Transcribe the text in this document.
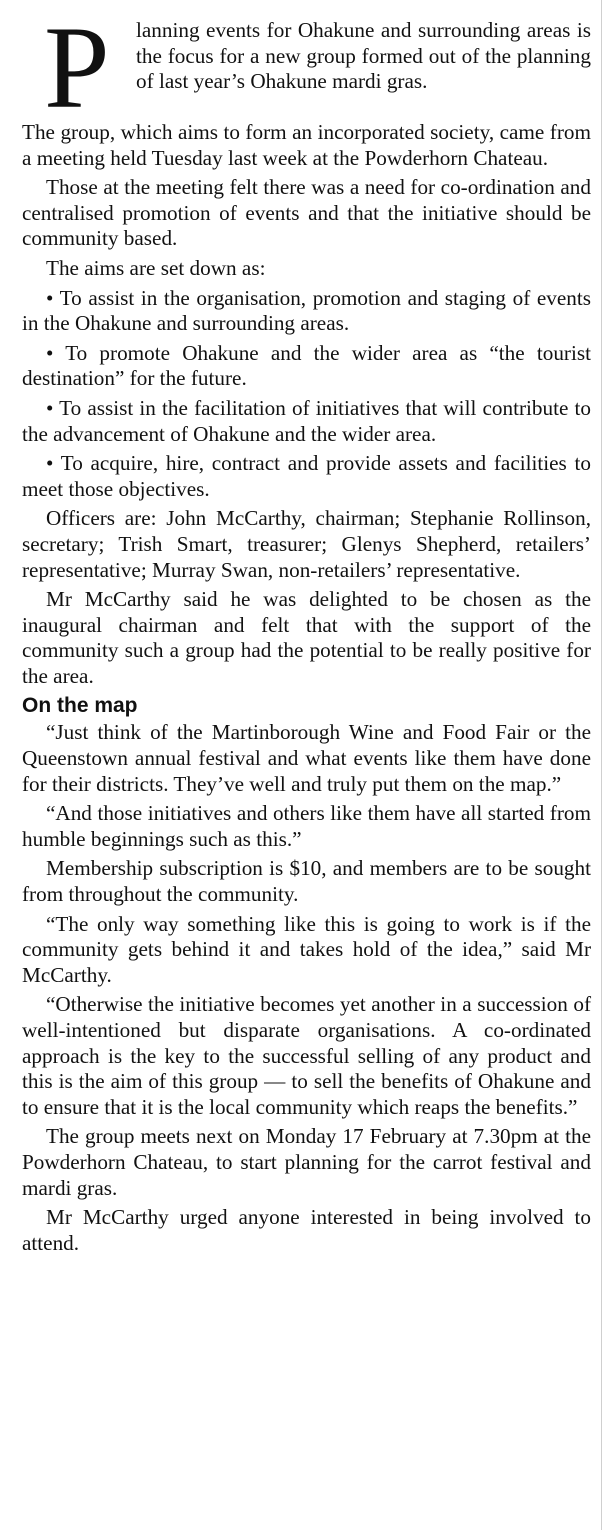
P	lanning events for Ohakune and surrounding areas is the focus for a new group formed out of the planning of last year’s Ohakune mardi gras.

The group, which aims to form an incorporated society, came from a meeting held Tuesday last week at the Powderhorn Chateau.

Those at the meeting felt there was a need for co-ordination and centralised promotion of events and that the initiative should be community based.

The aims are set down as:

• To assist in the organisation, promotion and staging of events in the Ohakune and surrounding areas.

• To promote Ohakune and the wider area as “the tourist destination” for the future.

• To assist in the facilitation of initiatives that will contribute to the advancement of Ohakune and the wider area.

• To acquire, hire, contract and provide assets and facilities to meet those objectives.

Officers are: John McCarthy, chairman; Stephanie Rollinson, secretary; Trish Smart, treasurer; Glenys Shepherd, retailers’ representative; Murray Swan, non-retailers’ representative.

Mr McCarthy said he was delighted to be chosen as the inaugural chairman and felt that with the support of the community such a group had the potential to be really positive for the area.

On the map

“Just think of the Martinborough Wine and Food Fair or the Queenstown annual festival and what events like them have done for their districts. They’ve well and truly put them on the map.”

“And those initiatives and others like them have all started from humble beginnings such as this.”

Membership subscription is $10, and members are to be sought from throughout the community.

“The only way something like this is going to work is if the community gets behind it and takes hold of the idea,” said Mr McCarthy.

“Otherwise the initiative becomes yet another in a succession of well-intentioned but disparate organisations. A co-ordinated approach is the key to the successful selling of any product and this is the aim of this group — to sell the benefits of Ohakune and to ensure that it is the local community which reaps the benefits.”

The group meets next on Monday 17 February at 7.30pm at the Powderhorn Chateau, to start planning for the carrot festival and mardi gras.

Mr McCarthy urged anyone interested in being involved to attend.
